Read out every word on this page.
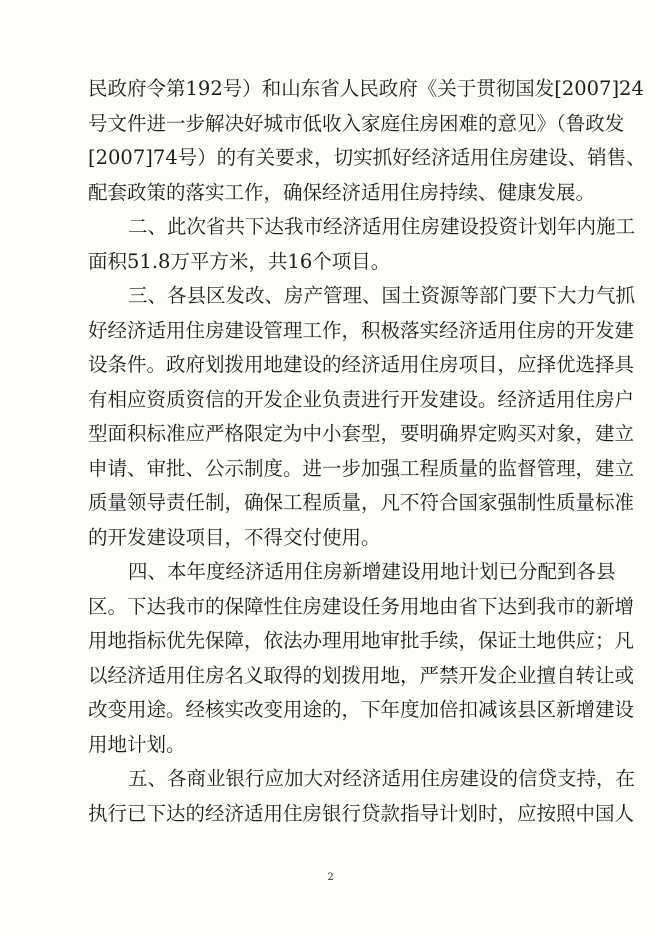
民政府令第192号）和山东省人民政府《关于贯彻国发[2007]24
号文件进一步解决好城市低收入家庭住房困难的意见》（鲁政发
[2007]74号）的有关要求，切实抓好经济适用住房建设、销售、
配套政策的落实工作，确保经济适用住房持续、健康发展。
二、此次省共下达我市经济适用住房建设投资计划年内施工
面积51.8万平方米，共16个项目。
三、各县区发改、房产管理、国土资源等部门要下大力气抓
好经济适用住房建设管理工作，积极落实经济适用住房的开发建
设条件。政府划拨用地建设的经济适用住房项目，应择优选择具
有相应资质资信的开发企业负责进行开发建设。经济适用住房户
型面积标准应严格限定为中小套型，要明确界定购买对象，建立
申请、审批、公示制度。进一步加强工程质量的监督管理，建立
质量领导责任制，确保工程质量，凡不符合国家强制性质量标准
的开发建设项目，不得交付使用。
四、本年度经济适用住房新增建设用地计划已分配到各县
区。下达我市的保障性住房建设任务用地由省下达到我市的新增
用地指标优先保障，依法办理用地审批手续，保证土地供应；凡
以经济适用住房名义取得的划拨用地，严禁开发企业擅自转让或
改变用途。经核实改变用途的，下年度加倍扣减该县区新增建设
用地计划。
五、各商业银行应加大对经济适用住房建设的信贷支持，在
执行已下达的经济适用住房银行贷款指导计划时，应按照中国人
2
